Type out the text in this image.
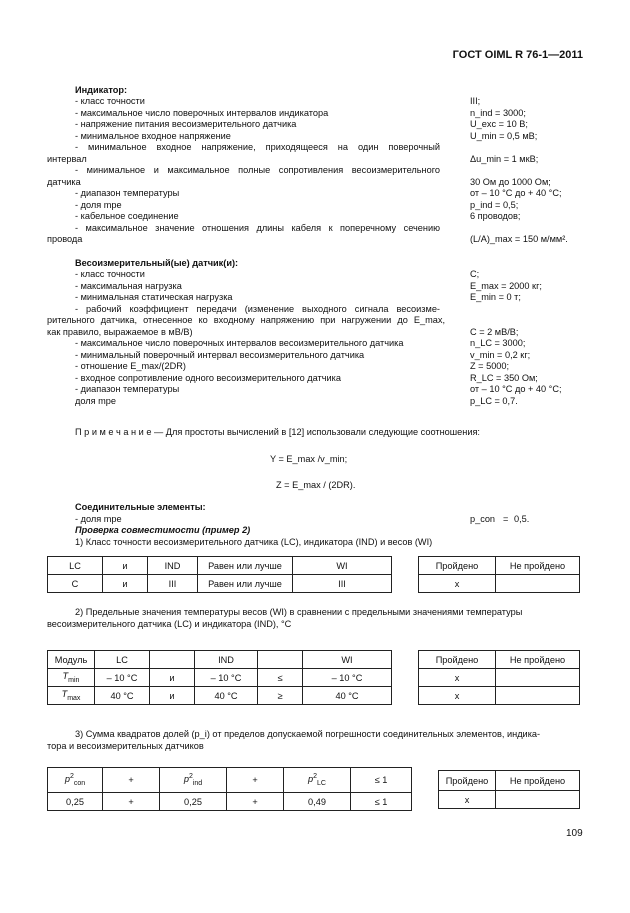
ГОСТ OIML R 76-1—2011
Индикатор:
- класс точности	III;
- максимальное число поверочных интервалов индикатора	n_ind = 3000;
- напряжение питания весоизмерительного датчика	U_exc = 10 В;
- минимальное входное напряжение	U_min = 0,5 мВ;
- минимальное входное напряжение, приходящееся на один поверочный
интервал	Δu_min = 1 мкВ;
- минимальное и максимальное полные сопротивления весоизмерительного
датчика	30 Ом до 1000 Ом;
- диапазон температуры	от – 10 °С до + 40 °С;
- доля mpe	p_ind = 0,5;
- кабельное соединение	6 проводов;
- максимальное значение отношения длины кабеля к поперечному сечению
провода	(L/A)_max = 150 м/мм².
Весоизмерительный(ые) датчик(и):
- класс точности	C;
- максимальная нагрузка	E_max = 2000 кг;
- минимальная статическая нагрузка	E_min = 0 т;
- рабочий коэффициент передачи (изменение выходного сигнала весоизме-
рительного датчика, отнесенное ко входному напряжению при нагружении до E_max,
как правило, выражаемое в мВ/В)	C = 2 мВ/В;
- максимальное число поверочных интервалов весоизмерительного датчика	n_LC = 3000;
- минимальный поверочный интервал весоизмерительного датчика	v_min = 0,2 кг;
- отношение E_max/(2DR)	Z = 5000;
- входное сопротивление одного весоизмерительного датчика	R_LC = 350 Ом;
- диапазон температуры	от – 10 °С до + 40 °С;
доля mpe	p_LC = 0,7.
П р и м е ч а н и е — Для простоты вычислений в [12] использовали следующие соотношения:
Y = E_max /v_min;
Z = E_max / (2DR).
Соединительные элементы:
- доля mpe	p_con = 0,5.
Проверка совместимости (пример 2)
1) Класс точности весоизмерительного датчика (LC), индикатора (IND) и весов (WI)
LC	и	IND	Равен или лучше	WI
C	и	III	Равен или лучше	III
Пройдено	Не пройдено
x	
2) Предельные значения температуры весов (WI) в сравнении с предельными значениями температуры
весоизмерительного датчика (LC) и индикатора (IND), °С
Модуль	LC		IND		WI
$T_{min}$	– 10 °C	и	– 10 °C	≤	– 10 °C
$T_{max}$	40 °C	и	40 °C	≥	40 °C
Пройдено	Не пройдено
x	
x	
3) Сумма квадратов долей (p_i) от пределов допускаемой погрешности соединительных элементов, индика-
тора и весоизмерительных датчиков
$p^2_{con}$	+	$p^2_{ind}$	+	$p^2_{LC}$	≤ 1
0,25	+	0,25	+	0,49	≤ 1
Пройдено	Не пройдено
x	
109
